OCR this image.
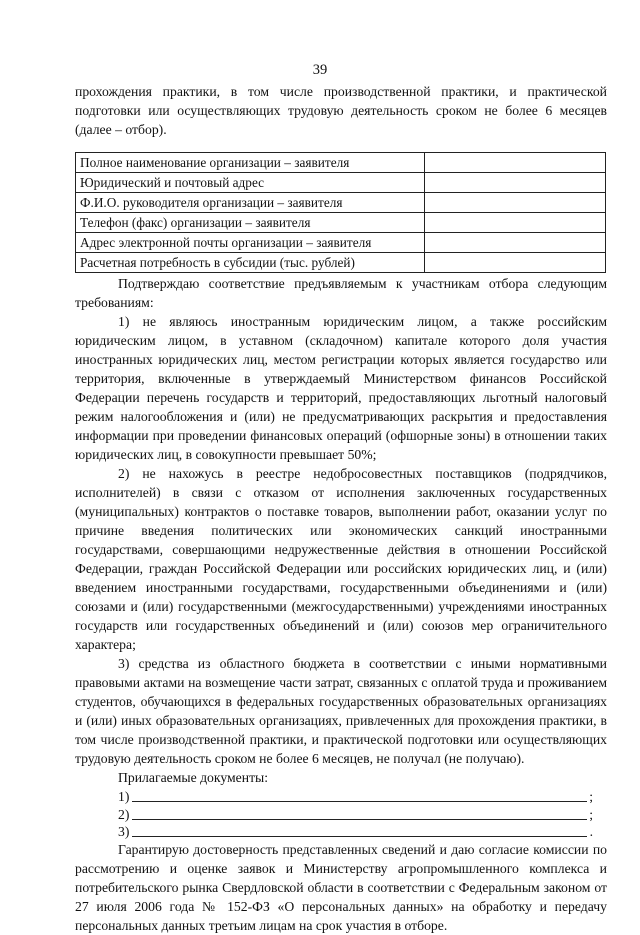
39

прохождения практики, в том числе производственной практики, и практической подготовки или осуществляющих трудовую деятельность сроком не более 6 месяцев (далее – отбор).

Полное наименование организации – заявителя	
Юридический и почтовый адрес	
Ф.И.О. руководителя организации – заявителя	
Телефон (факс) организации – заявителя	
Адрес электронной почты организации – заявителя	
Расчетная потребность в субсидии (тыс. рублей)	

Подтверждаю соответствие предъявляемым к участникам отбора следующим требованиям:

1) не являюсь иностранным юридическим лицом, а также российским юридическим лицом, в уставном (складочном) капитале которого доля участия иностранных юридических лиц, местом регистрации которых является государство или территория, включенные в утверждаемый Министерством финансов Российской Федерации перечень государств и территорий, предоставляющих льготный налоговый режим налогообложения и (или) не предусматривающих раскрытия и предоставления информации при проведении финансовых операций (офшорные зоны) в отношении таких юридических лиц, в совокупности превышает 50%;

2) не нахожусь в реестре недобросовестных поставщиков (подрядчиков, исполнителей) в связи с отказом от исполнения заключенных государственных (муниципальных) контрактов о поставке товаров, выполнении работ, оказании услуг по причине введения политических или экономических санкций иностранными государствами, совершающими недружественные действия в отношении Российской Федерации, граждан Российской Федерации или российских юридических лиц, и (или) введением иностранными государствами, государственными объединениями и (или) союзами и (или) государственными (межгосударственными) учреждениями иностранных государств или государственных объединений и (или) союзов мер ограничительного характера;

3) средства из областного бюджета в соответствии с иными нормативными правовыми актами на возмещение части затрат, связанных с оплатой труда и проживанием студентов, обучающихся в федеральных государственных образовательных организациях и (или) иных образовательных организациях, привлеченных для прохождения практики, в том числе производственной практики, и практической подготовки или осуществляющих трудовую деятельность сроком не более 6 месяцев, не получал (не получаю).

Прилагаемые документы:

1)	;
2)	;
3)	.

Гарантирую достоверность представленных сведений и даю согласие комиссии по рассмотрению и оценке заявок и Министерству агропромышленного комплекса и потребительского рынка Свердловской области в соответствии с Федеральным законом от 27 июля 2006 года № 152-ФЗ «О персональных данных» на обработку и передачу персональных данных третьим лицам на срок участия в отборе.
